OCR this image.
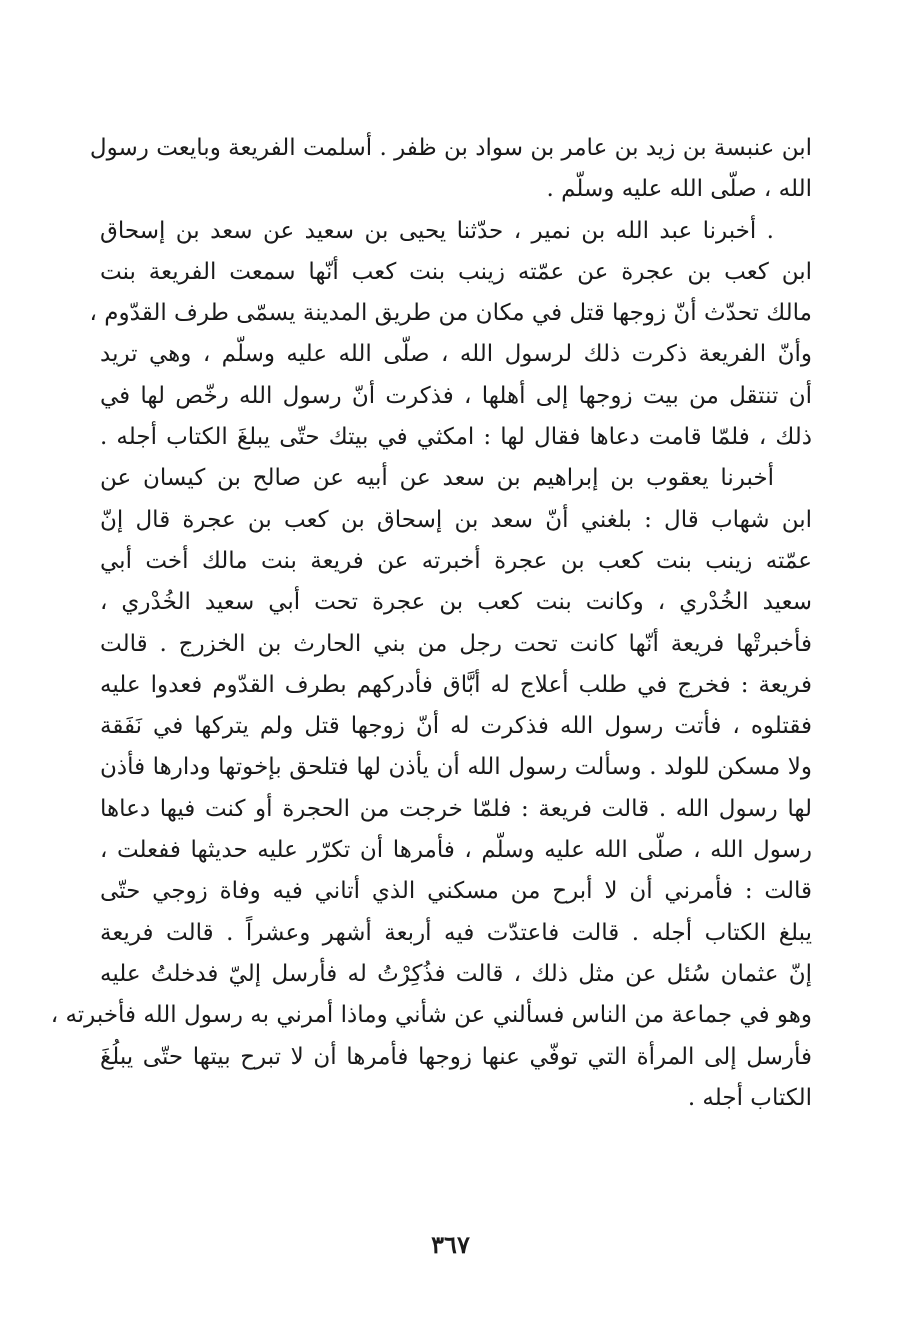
ابن عنبسة بن زيد بن عامر بن سواد بن ظفر . أسلمت الفريعة وبايعت رسول
الله ، صلّى الله عليه وسلّم .
. أخبرنا عبد الله بن نمير ، حدّثنا يحيى بن سعيد عن سعد بن إسحاق
ابن كعب بن عجرة عن عمّته زينب بنت كعب أنّها سمعت الفريعة بنت
مالك تحدّث أنّ زوجها قتل في مكان من طريق المدينة يسمّى طرف القدّوم ،
وأنّ الفريعة ذكرت ذلك لرسول الله ، صلّى الله عليه وسلّم ، وهي تريد
أن تنتقل من بيت زوجها إلى أهلها ، فذكرت أنّ رسول الله رخّص لها في
ذلك ، فلمّا قامت دعاها فقال لها : امكثي في بيتك حتّى يبلغَ الكتاب أجله .
أخبرنا يعقوب بن إبراهيم بن سعد عن أبيه عن صالح بن كيسان عن
ابن شهاب قال : بلغني أنّ سعد بن إسحاق بن كعب بن عجرة قال إنّ
عمّته زينب بنت كعب بن عجرة أخبرته عن فريعة بنت مالك أخت أبي
سعيد الخُدْري ، وكانت بنت كعب بن عجرة تحت أبي سعيد الخُدْري ،
فأخبرتْها فريعة أنّها كانت تحت رجل من بني الحارث بن الخزرج . قالت
فريعة : فخرج في طلب أعلاج له أبَّاق فأدركهم بطرف القدّوم فعدوا عليه
فقتلوه ، فأتت رسول الله فذكرت له أنّ زوجها قتل ولم يتركها في نَفَقة
ولا مسكن للولد . وسألت رسول الله أن يأذن لها فتلحق بإخوتها ودارها فأذن
لها رسول الله . قالت فريعة : فلمّا خرجت من الحجرة أو كنت فيها دعاها
رسول الله ، صلّى الله عليه وسلّم ، فأمرها أن تكرّر عليه حديثها ففعلت ،
قالت : فأمرني أن لا أبرح من مسكني الذي أتاني فيه وفاة زوجي حتّى
يبلغ الكتاب أجله . قالت فاعتدّت فيه أربعة أشهر وعشراً . قالت فريعة
إنّ عثمان سُئل عن مثل ذلك ، قالت فذُكِرْتُ له فأرسل إليّ فدخلتُ عليه
وهو في جماعة من الناس فسألني عن شأني وماذا أمرني به رسول الله فأخبرته ،
فأرسل إلى المرأة التي توفّي عنها زوجها فأمرها أن لا تبرح بيتها حتّى يبلُغَ
الكتاب أجله .
٣٦٧
